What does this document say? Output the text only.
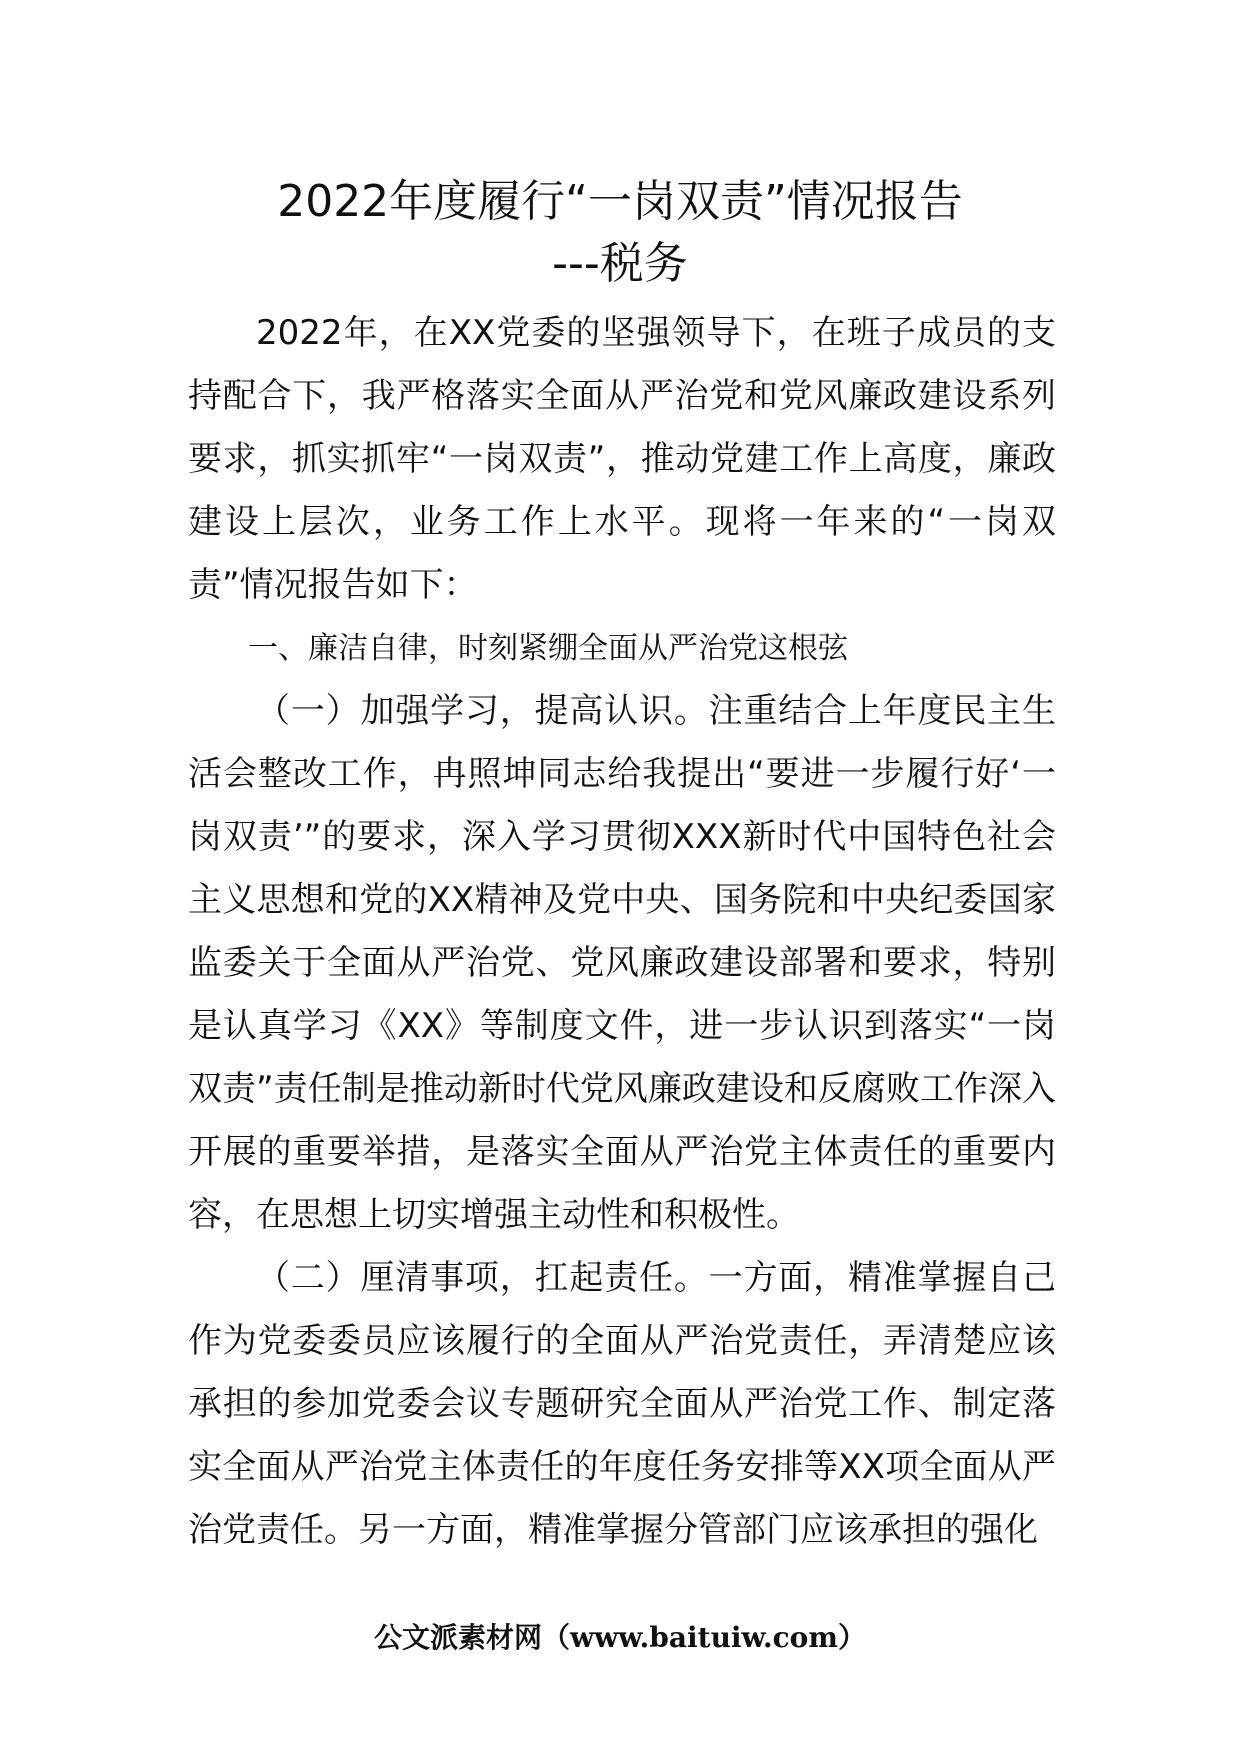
2022年度履行“一岗双责”情况报告
---税务

2022年，在XX党委的坚强领导下，在班子成员的支持配合下，我严格落实全面从严治党和党风廉政建设系列要求，抓实抓牢“一岗双责”，推动党建工作上高度，廉政建设上层次，业务工作上水平。现将一年来的“一岗双责”情况报告如下：

一、廉洁自律，时刻紧绷全面从严治党这根弦

（一）加强学习，提高认识。注重结合上年度民主生活会整改工作，冉照坤同志给我提出“要进一步履行好‘一岗双责’”的要求，深入学习贯彻XXX新时代中国特色社会主义思想和党的XX精神及党中央、国务院和中央纪委国家监委关于全面从严治党、党风廉政建设部署和要求，特别是认真学习《XX》等制度文件，进一步认识到落实“一岗双责”责任制是推动新时代党风廉政建设和反腐败工作深入开展的重要举措，是落实全面从严治党主体责任的重要内容，在思想上切实增强主动性和积极性。

（二）厘清事项，扛起责任。一方面，精准掌握自己作为党委委员应该履行的全面从严治党责任，弄清楚应该承担的参加党委会议专题研究全面从严治党工作、制定落实全面从严治党主体责任的年度任务安排等XX项全面从严治党责任。另一方面，精准掌握分管部门应该承担的强化

公文派素材网（www.baituiw.com）
